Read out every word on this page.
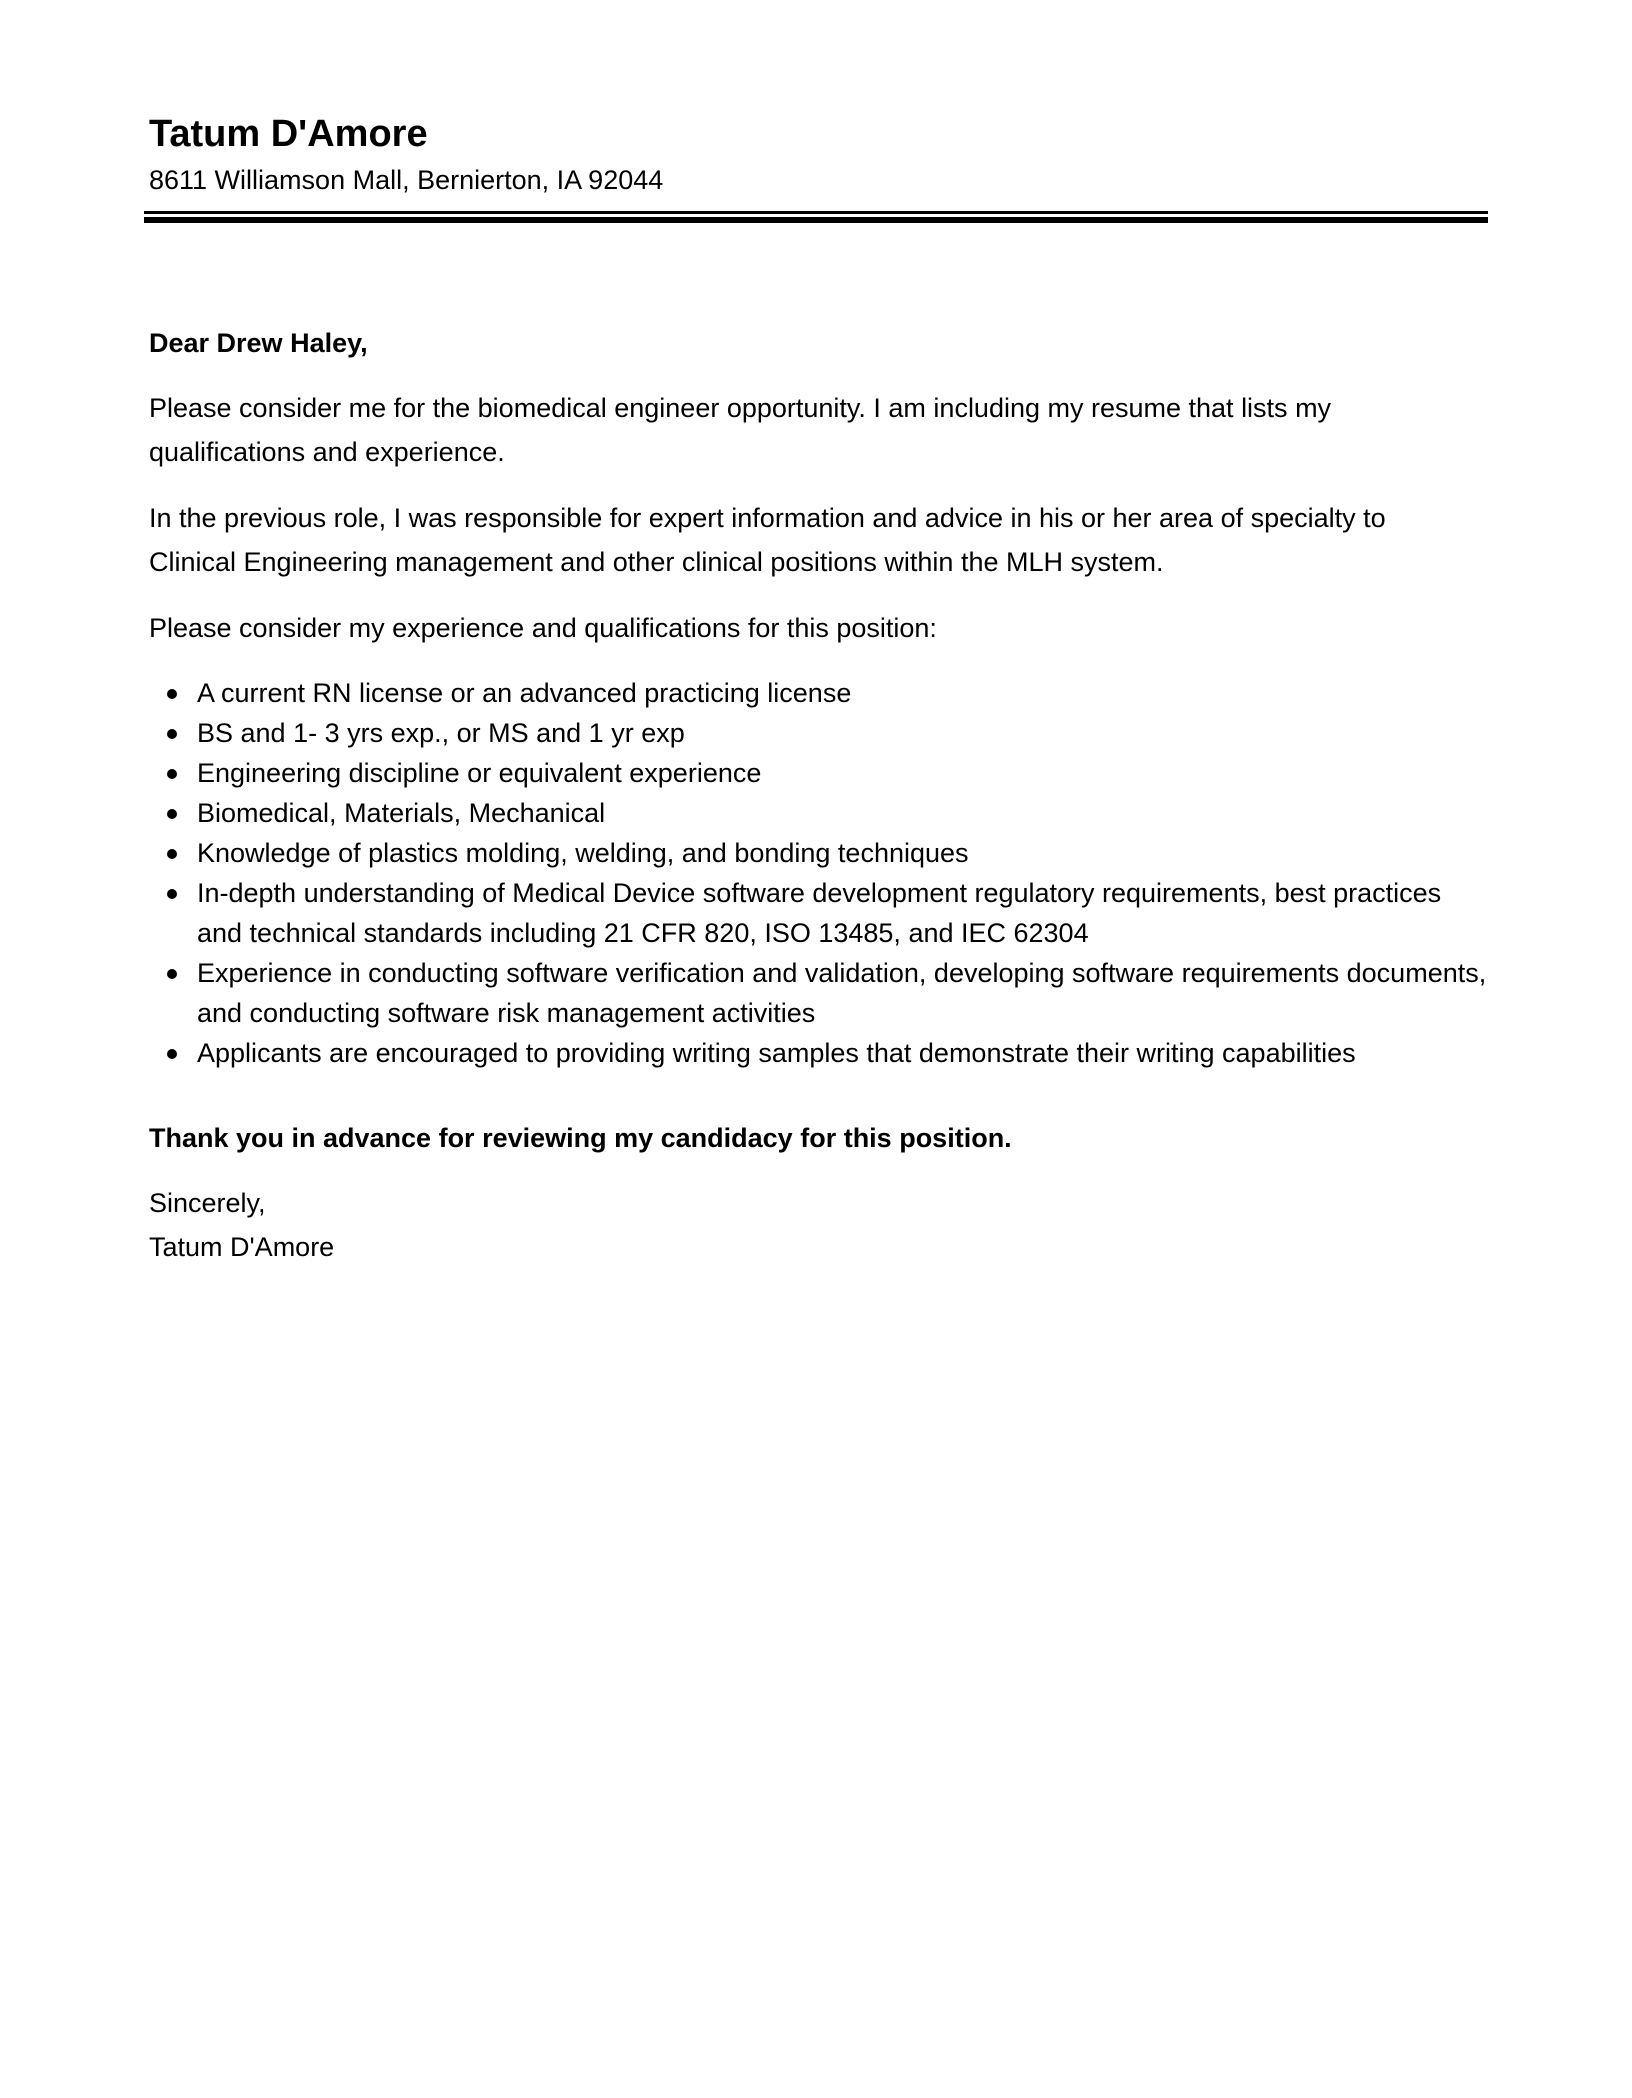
Tatum D'Amore
8611 Williamson Mall, Bernierton, IA 92044
Dear Drew Haley,

Please consider me for the biomedical engineer opportunity. I am including my resume that lists my qualifications and experience.

In the previous role, I was responsible for expert information and advice in his or her area of specialty to Clinical Engineering management and other clinical positions within the MLH system.

Please consider my experience and qualifications for this position:

A current RN license or an advanced practicing license
BS and 1- 3 yrs exp., or MS and 1 yr exp
Engineering discipline or equivalent experience
Biomedical, Materials, Mechanical
Knowledge of plastics molding, welding, and bonding techniques
In-depth understanding of Medical Device software development regulatory requirements, best practices and technical standards including 21 CFR 820, ISO 13485, and IEC 62304
Experience in conducting software verification and validation, developing software requirements documents, and conducting software risk management activities
Applicants are encouraged to providing writing samples that demonstrate their writing capabilities
Thank you in advance for reviewing my candidacy for this position.
Sincerely,
Tatum D'Amore
